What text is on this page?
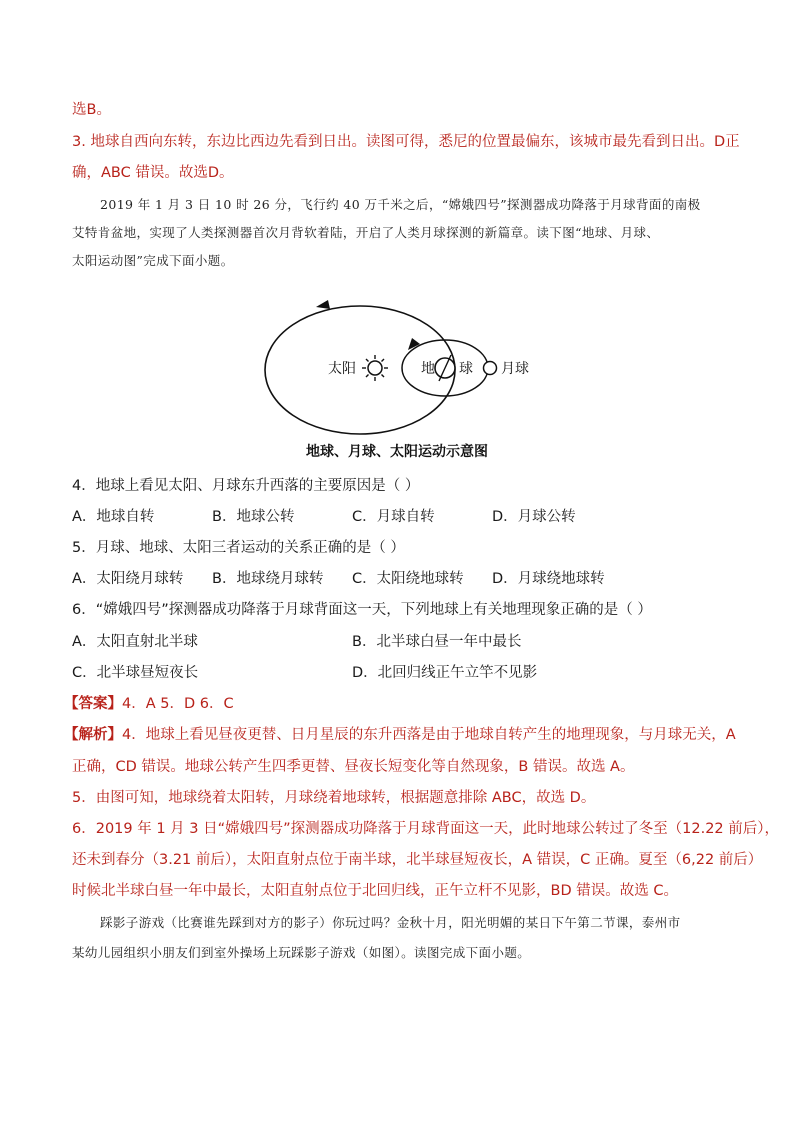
选B。
3. 地球自西向东转，东边比西边先看到日出。读图可得，悉尼的位置最偏东，该城市最先看到日出。D正
确，ABC 错误。故选D。
2019 年 1 月 3 日 10 时 26 分，飞行约 40 万千米之后，“嫦娥四号”探测器成功降落于月球背面的南极
艾特肯盆地，实现了人类探测器首次月背软着陆，开启了人类月球探测的新篇章。读下图“地球、月球、
太阳运动图”完成下面小题。
太阳	地 球 月球
地球、月球、太阳运动示意图
4．地球上看见太阳、月球东升西落的主要原因是（ ）
A．地球自转	B．地球公转	C．月球自转	D．月球公转
5．月球、地球、太阳三者运动的关系正确的是（ ）
A．太阳绕月球转 B．地球绕月球转 C．太阳绕地球转 D．月球绕地球转
6．“嫦娥四号”探测器成功降落于月球背面这一天，下列地球上有关地理现象正确的是（ ）
A．太阳直射北半球	B．北半球白昼一年中最长
C．北半球昼短夜长	D．北回归线正午立竿不见影
【答案】4．A 5．D 6．C
【解析】4．地球上看见昼夜更替、日月星辰的东升西落是由于地球自转产生的地理现象，与月球无关，A
正确，CD 错误。地球公转产生四季更替、昼夜长短变化等自然现象，B 错误。故选 A。
5．由图可知，地球绕着太阳转，月球绕着地球转，根据题意排除 ABC，故选 D。
6．2019 年 1 月 3 日“嫦娥四号”探测器成功降落于月球背面这一天，此时地球公转过了冬至（12.22 前后），
还未到春分（3.21 前后），太阳直射点位于南半球，北半球昼短夜长，A 错误，C 正确。夏至（6,22 前后）
时候北半球白昼一年中最长，太阳直射点位于北回归线，正午立杆不见影，BD 错误。故选 C。
踩影子游戏（比赛谁先踩到对方的影子）你玩过吗？金秋十月，阳光明媚的某日下午第二节课，泰州市
某幼儿园组织小朋友们到室外操场上玩踩影子游戏（如图）。读图完成下面小题。
